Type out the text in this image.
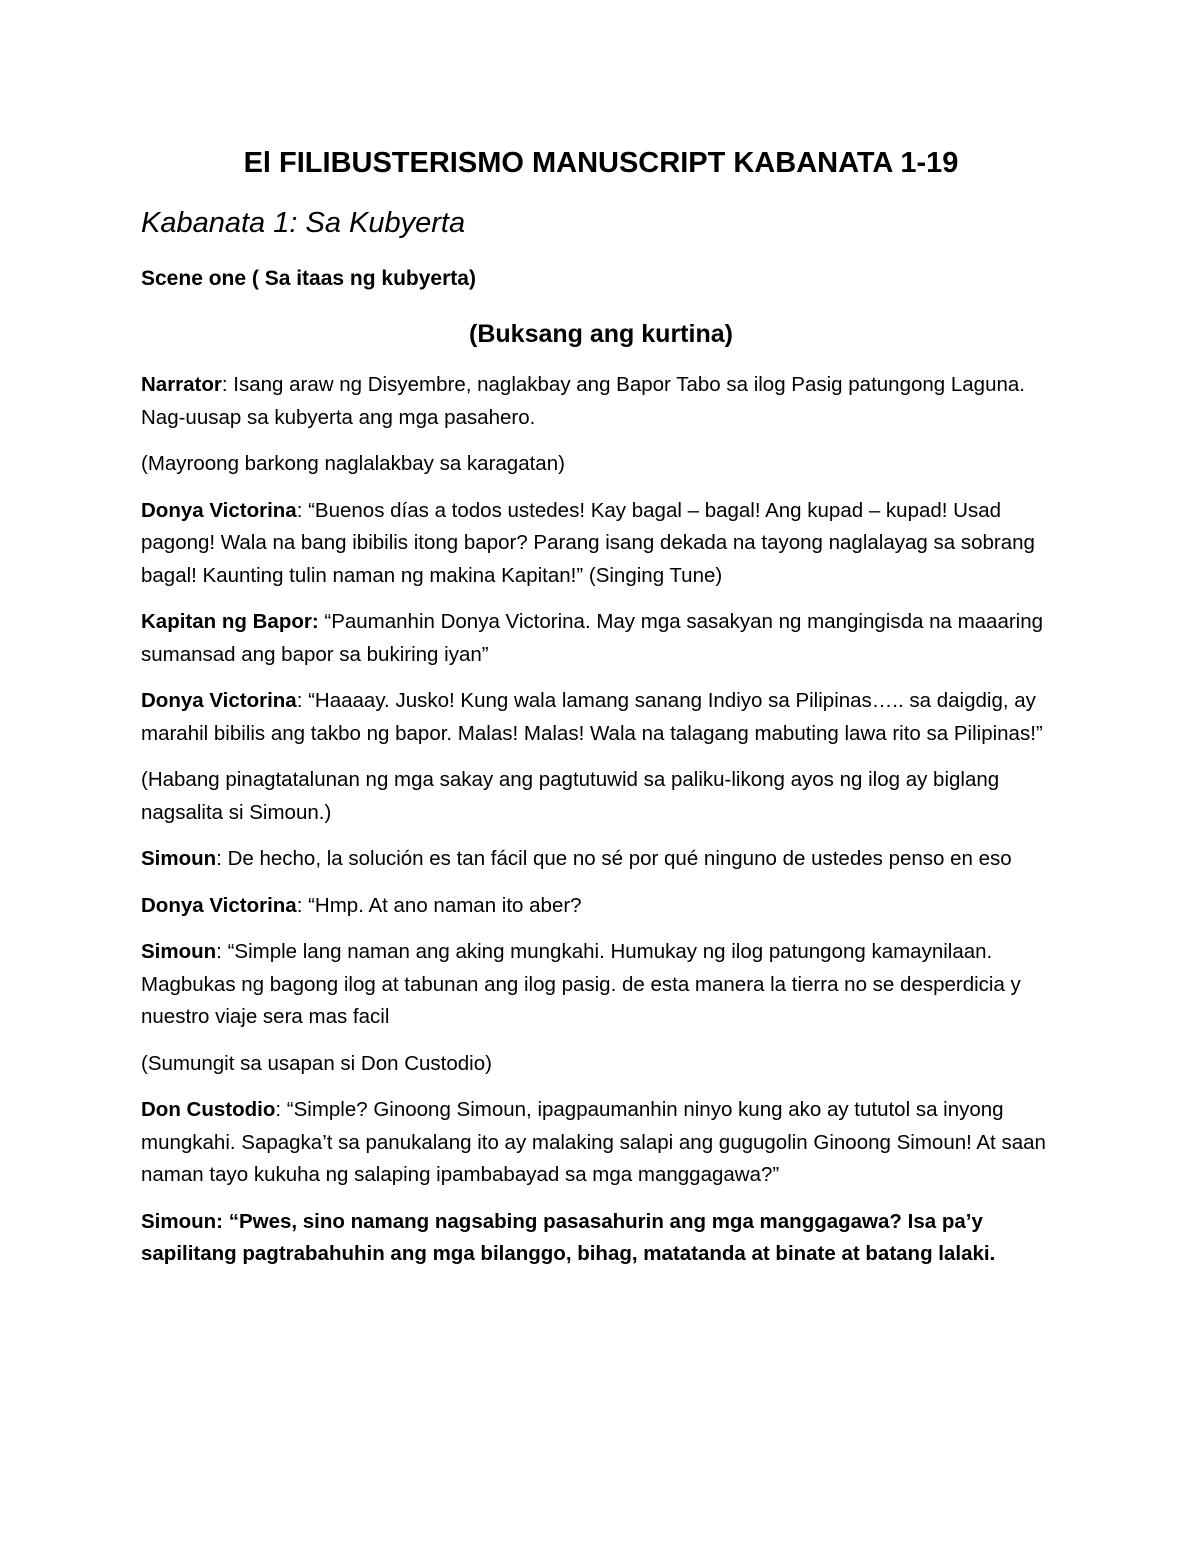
El FILIBUSTERISMO MANUSCRIPT KABANATA 1-19
Kabanata 1: Sa Kubyerta
Scene one ( Sa itaas ng kubyerta)
(Buksang ang kurtina)
Narrator: Isang araw ng Disyembre, naglakbay ang Bapor Tabo sa ilog Pasig patungong Laguna. Nag-uusap sa kubyerta ang mga pasahero.
(Mayroong barkong naglalakbay sa karagatan)
Donya Victorina: “Buenos días a todos ustedes! Kay bagal – bagal! Ang kupad – kupad! Usad pagong! Wala na bang ibibilis itong bapor? Parang isang dekada na tayong naglalayag sa sobrang bagal! Kaunting tulin naman ng makina Kapitan!” (Singing Tune)
Kapitan ng Bapor: “Paumanhin Donya Victorina. May mga sasakyan ng mangingisda na maaaring sumansad ang bapor sa bukiring iyan”
Donya Victorina: “Haaaay. Jusko! Kung wala lamang sanang Indiyo sa Pilipinas….. sa daigdig, ay marahil bibilis ang takbo ng bapor. Malas! Malas! Wala na talagang mabuting lawa rito sa Pilipinas!”
(Habang pinagtatalunan ng mga sakay ang pagtutuwid sa paliku-likong ayos ng ilog ay biglang nagsalita si Simoun.)
Simoun: De hecho, la solución es tan fácil que no sé por qué ninguno de ustedes penso en eso
Donya Victorina: “Hmp. At ano naman ito aber?
Simoun: “Simple lang naman ang aking mungkahi. Humukay ng ilog patungong kamaynilaan. Magbukas ng bagong ilog at tabunan ang ilog pasig. de esta manera la tierra no se desperdicia y nuestro viaje sera mas facil
(Sumungit sa usapan si Don Custodio)
Don Custodio: “Simple? Ginoong Simoun, ipagpaumanhin ninyo kung ako ay tututol sa inyong mungkahi. Sapagka’t sa panukalang ito ay malaking salapi ang gugugolin Ginoong Simoun! At saan naman tayo kukuha ng salaping ipambabayad sa mga manggagawa?”
Simoun: “Pwes, sino namang nagsabing pasasahurin ang mga manggagawa? Isa pa’y sapilitang pagtrabahuhin ang mga bilanggo, bihag, matatanda at binate at batang lalaki.
